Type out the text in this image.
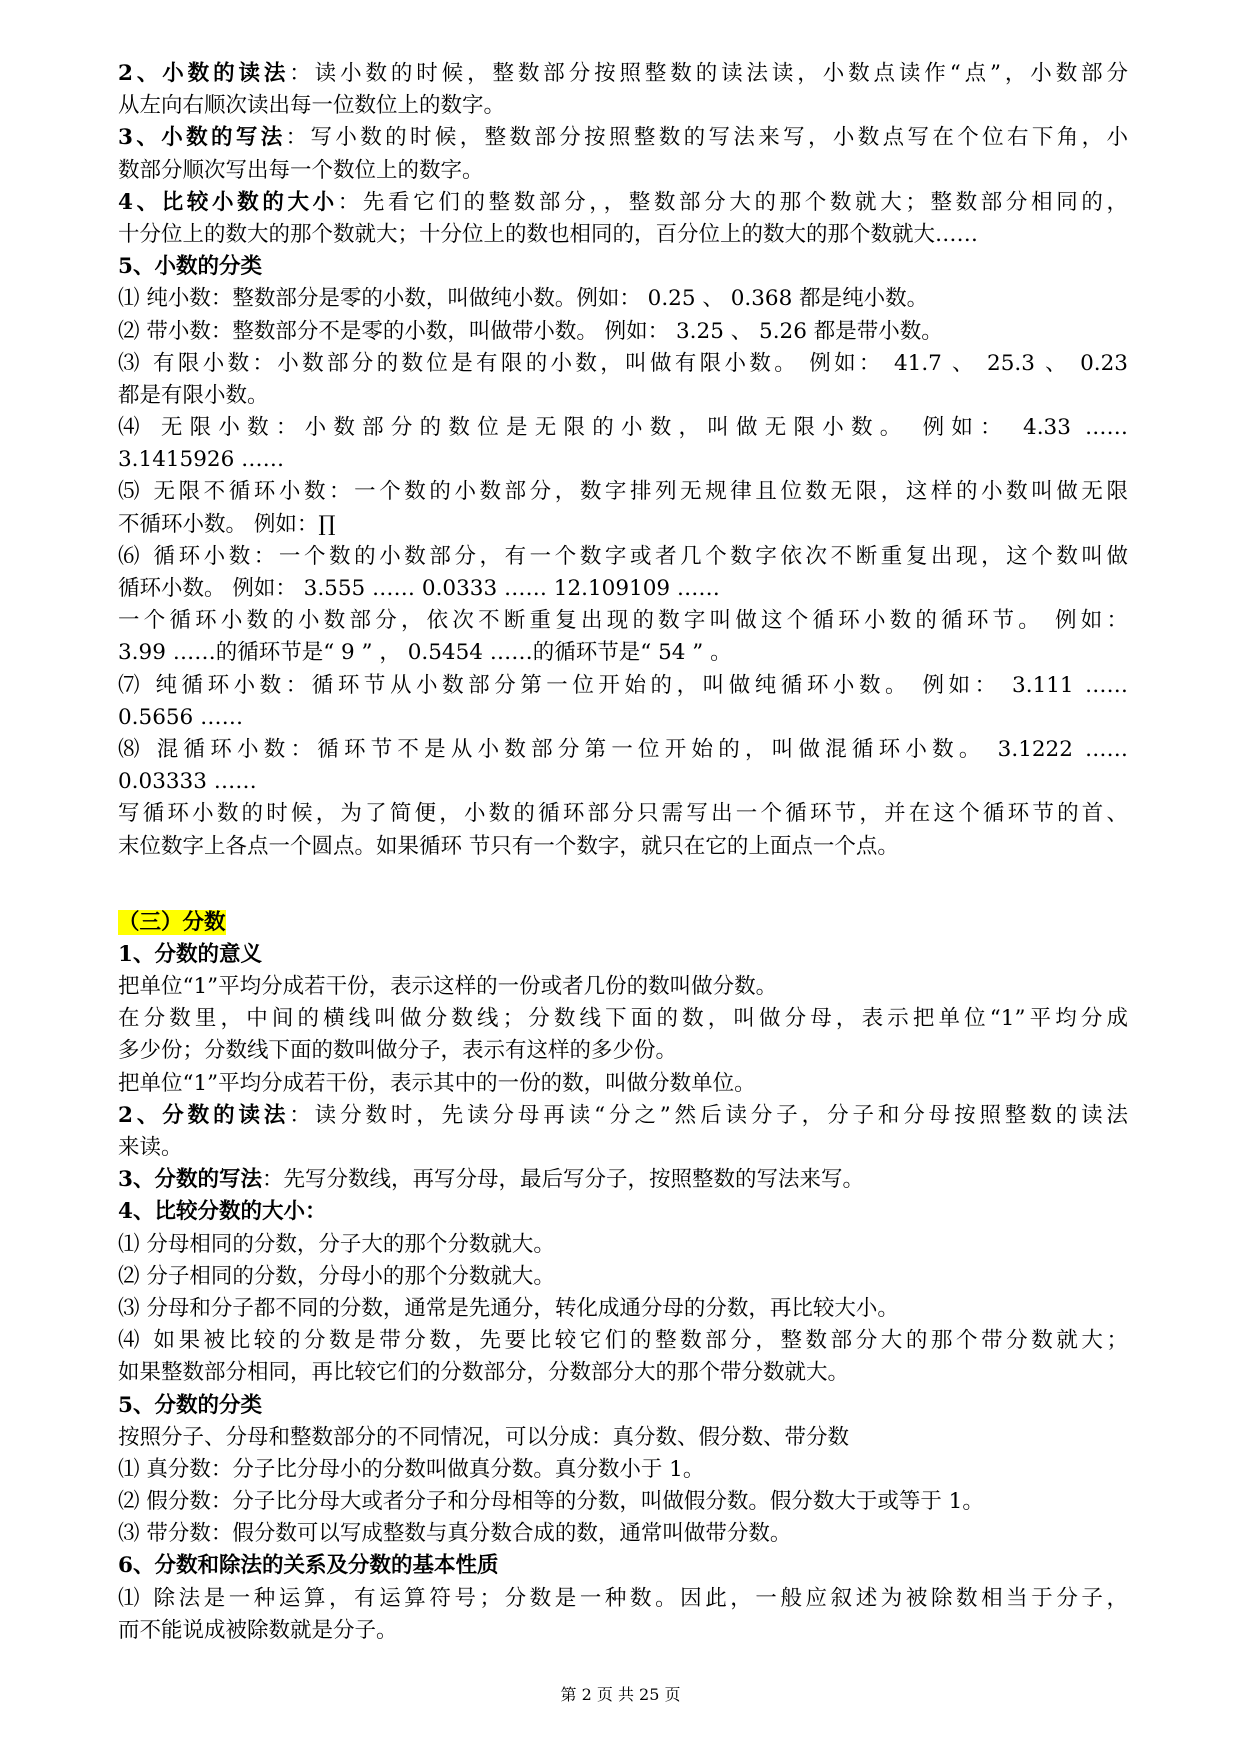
2、小数的读法：读小数的时候，整数部分按照整数的读法读，小数点读作“点”，小数部分
从左向右顺次读出每一位数位上的数字。
3、小数的写法：写小数的时候，整数部分按照整数的写法来写，小数点写在个位右下角，小
数部分顺次写出每一个数位上的数字。
4、比较小数的大小：先看它们的整数部分，，整数部分大的那个数就大；整数部分相同的，
十分位上的数大的那个数就大；十分位上的数也相同的，百分位上的数大的那个数就大……
5、小数的分类
⑴ 纯小数：整数部分是零的小数，叫做纯小数。例如： 0.25 、 0.368 都是纯小数。
⑵ 带小数：整数部分不是零的小数，叫做带小数。 例如： 3.25 、 5.26 都是带小数。
⑶ 有限小数：小数部分的数位是有限的小数，叫做有限小数。 例如： 41.7 、 25.3 、 0.23
都是有限小数。
⑷ 无限小数：小数部分的数位是无限的小数，叫做无限小数。 例如： 4.33 ……
3.1415926 ……
⑸ 无限不循环小数：一个数的小数部分，数字排列无规律且位数无限，这样的小数叫做无限
不循环小数。 例如：∏
⑹ 循环小数：一个数的小数部分，有一个数字或者几个数字依次不断重复出现，这个数叫做
循环小数。 例如： 3.555 …… 0.0333 …… 12.109109 ……
一个循环小数的小数部分，依次不断重复出现的数字叫做这个循环小数的循环节。 例如：
3.99 ……的循环节是“ 9 ” ， 0.5454 ……的循环节是“ 54 ” 。
⑺ 纯循环小数：循环节从小数部分第一位开始的，叫做纯循环小数。 例如： 3.111 ……
0.5656 ……
⑻ 混循环小数：循环节不是从小数部分第一位开始的，叫做混循环小数。 3.1222 ……
0.03333 ……
写循环小数的时候，为了简便，小数的循环部分只需写出一个循环节，并在这个循环节的首、
末位数字上各点一个圆点。如果循环 节只有一个数字，就只在它的上面点一个点。
（三）分数
1、分数的意义
把单位“1”平均分成若干份，表示这样的一份或者几份的数叫做分数。
在分数里，中间的横线叫做分数线；分数线下面的数，叫做分母，表示把单位“1”平均分成
多少份；分数线下面的数叫做分子，表示有这样的多少份。
把单位“1”平均分成若干份，表示其中的一份的数，叫做分数单位。
2、分数的读法：读分数时，先读分母再读“分之”然后读分子，分子和分母按照整数的读法
来读。
3、分数的写法：先写分数线，再写分母，最后写分子，按照整数的写法来写。
4、比较分数的大小：
⑴ 分母相同的分数，分子大的那个分数就大。
⑵ 分子相同的分数，分母小的那个分数就大。
⑶ 分母和分子都不同的分数，通常是先通分，转化成通分母的分数，再比较大小。
⑷ 如果被比较的分数是带分数，先要比较它们的整数部分，整数部分大的那个带分数就大；
如果整数部分相同，再比较它们的分数部分，分数部分大的那个带分数就大。
5、分数的分类
按照分子、分母和整数部分的不同情况，可以分成：真分数、假分数、带分数
⑴ 真分数：分子比分母小的分数叫做真分数。真分数小于 1。
⑵ 假分数：分子比分母大或者分子和分母相等的分数，叫做假分数。假分数大于或等于 1。
⑶ 带分数：假分数可以写成整数与真分数合成的数，通常叫做带分数。
6、分数和除法的关系及分数的基本性质
⑴ 除法是一种运算，有运算符号；分数是一种数。因此，一般应叙述为被除数相当于分子，
而不能说成被除数就是分子。
第 2 页 共 25 页
